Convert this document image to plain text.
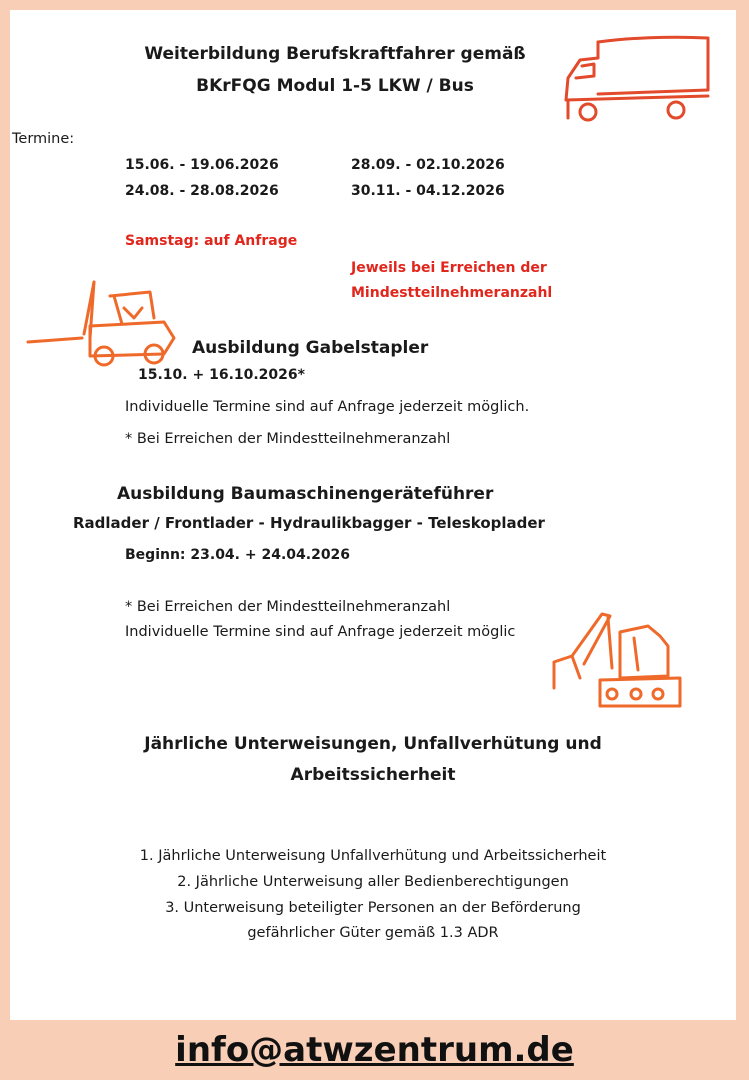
Weiterbildung Berufskraftfahrer gemäß
BKrFQG Modul 1-5 LKW / Bus
Termine:
15.06. - 19.06.2026	28.09. - 02.10.2026
24.08. - 28.08.2026	30.11. - 04.12.2026
Samstag: auf Anfrage
Jeweils bei Erreichen der
Mindestteilnehmeranzahl
Ausbildung Gabelstapler
15.10. + 16.10.2026*
Individuelle Termine sind auf Anfrage jederzeit möglich.
* Bei Erreichen der Mindestteilnehmeranzahl
Ausbildung Baumaschinengeräteführer
Radlader / Frontlader - Hydraulikbagger - Teleskoplader
Beginn: 23.04. + 24.04.2026
* Bei Erreichen der Mindestteilnehmeranzahl
Individuelle Termine sind auf Anfrage jederzeit möglic
Jährliche Unterweisungen, Unfallverhütung und
Arbeitssicherheit
1. Jährliche Unterweisung Unfallverhütung und Arbeitssicherheit
2. Jährliche Unterweisung aller Bedienberechtigungen
3. Unterweisung beteiligter Personen an der Beförderung
gefährlicher Güter gemäß 1.3 ADR
info@atwzentrum.de
